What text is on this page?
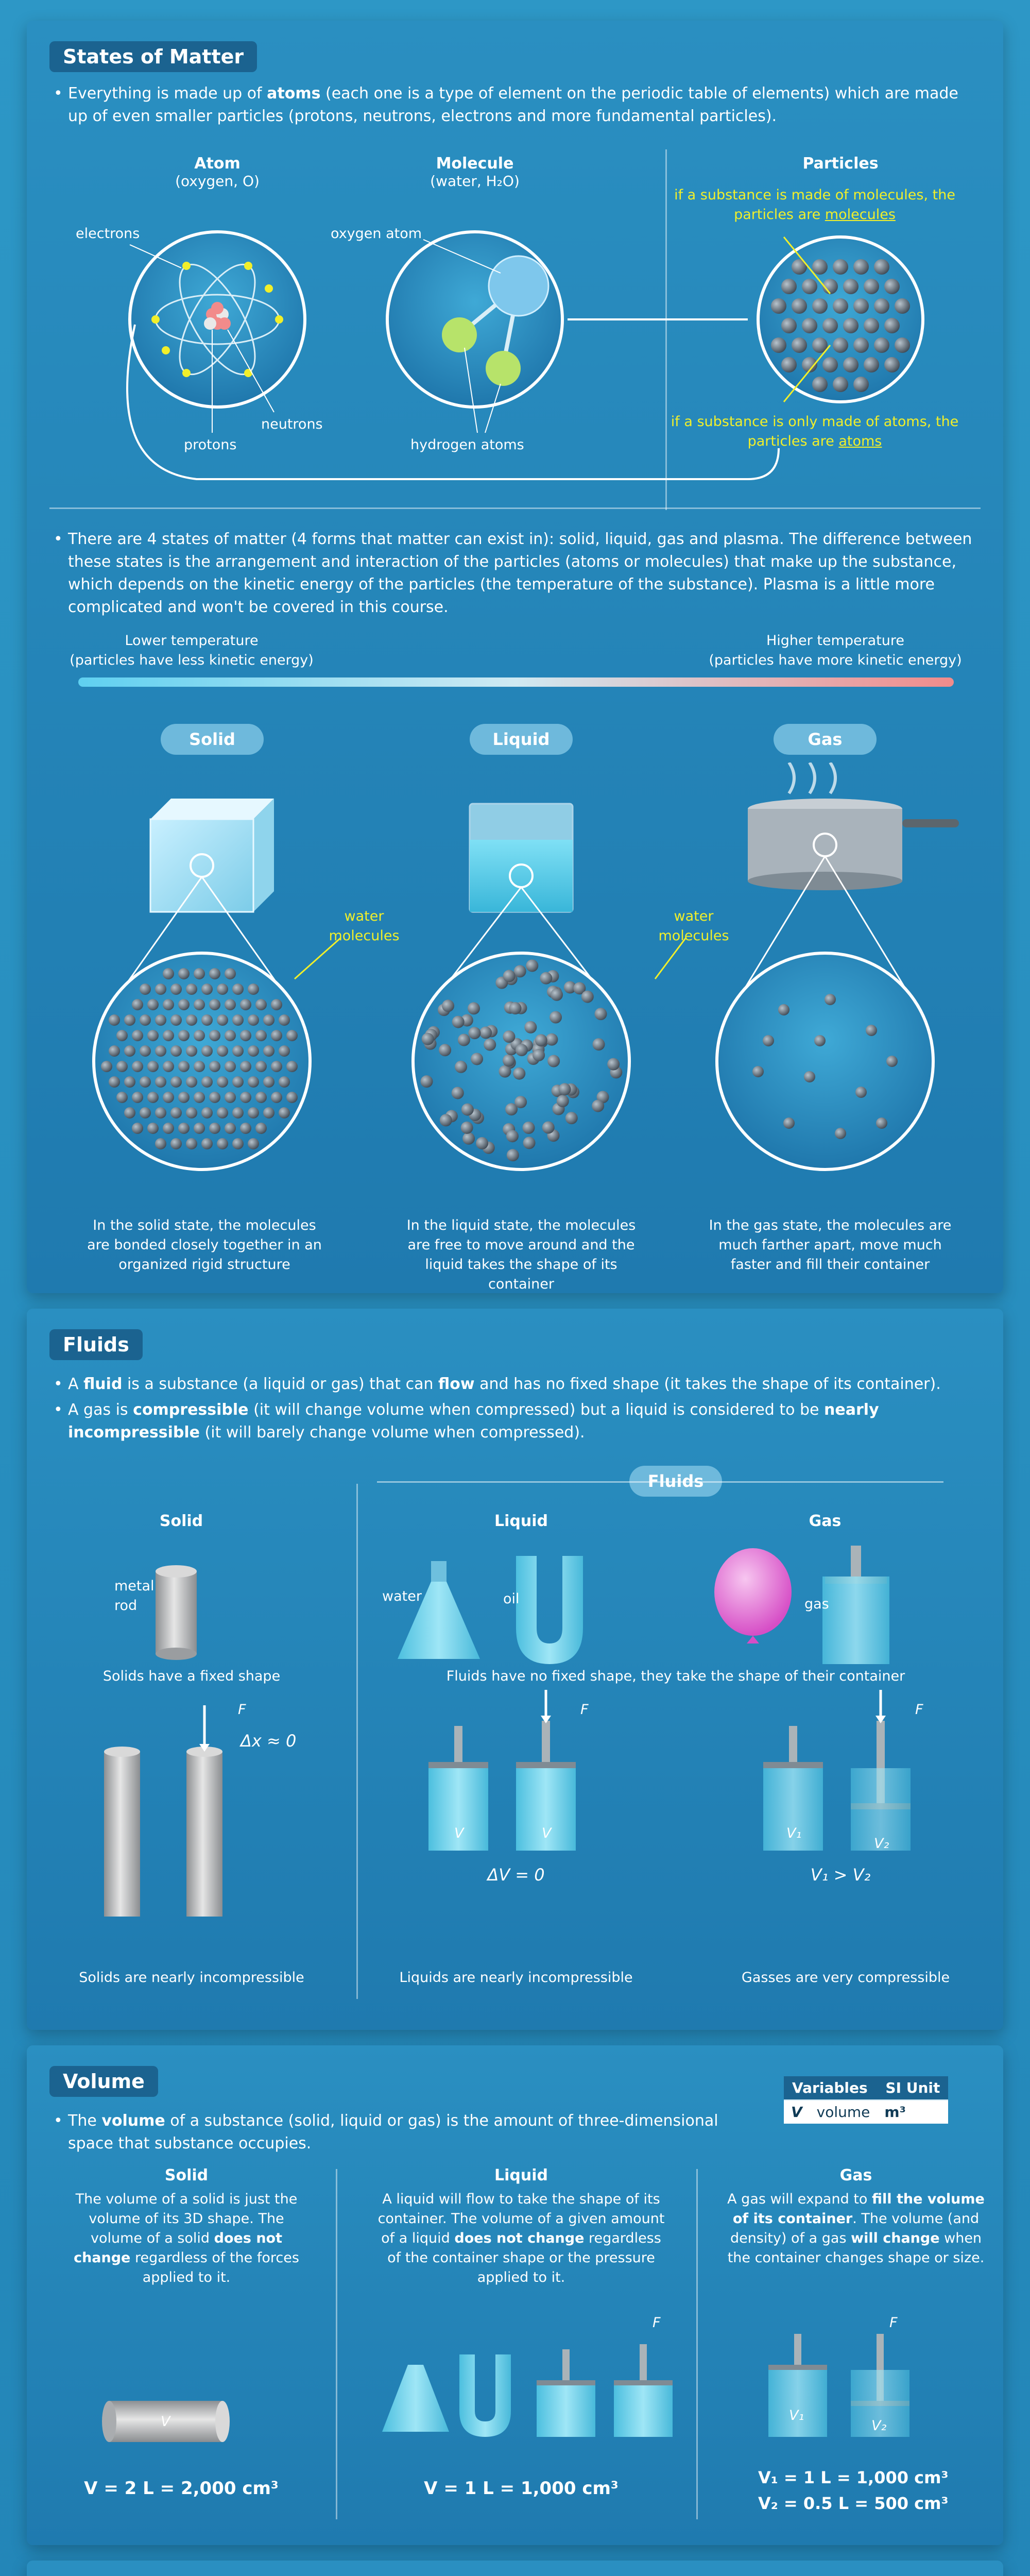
States of Matter
• Everything is made up of atoms (each one is a type of element on the periodic table of elements) which are made up of even smaller particles (protons, neutrons, electrons and more fundamental particles).
Atom
(oxygen, O)
Molecule
(water, H₂O)
Particles
electrons
protons
neutrons
oxygen atom
hydrogen atoms
if a substance is made of molecules, the particles are molecules
if a substance is only made of atoms, the particles are atoms
• There are 4 states of matter (4 forms that matter can exist in): solid, liquid, gas and plasma. The difference between these states is the arrangement and interaction of the particles (atoms or molecules) that make up the substance, which depends on the kinetic energy of the particles (the temperature of the substance). Plasma is a little more complicated and won't be covered in this course.
Lower temperature
(particles have less kinetic energy)
Higher temperature
(particles have more kinetic energy)
Solid	Liquid	Gas
water molecules
water molecules
In the solid state, the molecules are bonded closely together in an organized rigid structure
In the liquid state, the molecules are free to move around and the liquid takes the shape of its container
In the gas state, the molecules are much farther apart, move much faster and fill their container
Fluids
• A fluid is a substance (a liquid or gas) that can flow and has no fixed shape (it takes the shape of its container).
• A gas is compressible (it will change volume when compressed) but a liquid is considered to be nearly incompressible (it will barely change volume when compressed).
Fluids
Solid	Liquid	Gas
metal rod
water	oil	gas
Solids have a fixed shape	Fluids have no fixed shape, they take the shape of their container
F
Δx ≈ 0
F	F
V	V	V₁
V₂
ΔV = 0	V₁ > V₂
Solids are nearly incompressible	Liquids are nearly incompressible	Gasses are very compressible
Volume
• The volume of a substance (solid, liquid or gas) is the amount of three-dimensional space that substance occupies.
Variables		SI Unit
V	volume	m³
Solid	Liquid	Gas
The volume of a solid is just the volume of its 3D shape. The volume of a solid does not change regardless of the forces applied to it.
A liquid will flow to take the shape of its container. The volume of a given amount of a liquid does not change regardless of the container shape or the pressure applied to it.
A gas will expand to fill the volume of its container. The volume (and density) of a gas will change when the container changes shape or size.
V	V₁
V₂
F	F
V = 2 L = 2,000 cm³	V = 1 L = 1,000 cm³
V₁ = 1 L = 1,000 cm³
V₂ = 0.5 L = 500 cm³
